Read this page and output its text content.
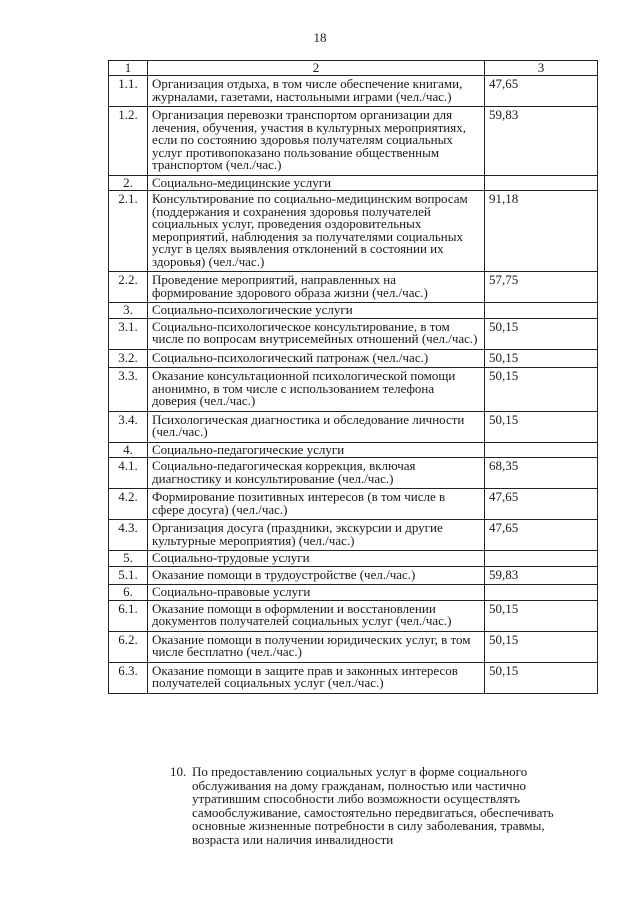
18
1	2	3
1.1.	Организация отдыха, в том числе обеспечение книгами, журналами, газетами, настольными играми (чел./час.)	47,65
1.2.	Организация перевозки транспортом организации для лечения, обучения, участия в культурных мероприятиях, если по состоянию здоровья получателям социальных услуг противопоказано пользование общественным транспортом (чел./час.)	59,83
2.	Социально-медицинские услуги	
2.1.	Консультирование по социально-медицинским вопросам (поддержания и сохранения здоровья получателей социальных услуг, проведения оздоровительных мероприятий, наблюдения за получателями социальных услуг в целях выявления отклонений в состоянии их здоровья) (чел./час.)	91,18
2.2.	Проведение мероприятий, направленных на формирование здорового образа жизни (чел./час.)	57,75
3.	Социально-психологические услуги	
3.1.	Социально-психологическое консультирование, в том числе по вопросам внутрисемейных отношений (чел./час.)	50,15
3.2.	Социально-психологический патронаж (чел./час.)	50,15
3.3.	Оказание консультационной психологической помощи анонимно, в том числе с использованием телефона доверия (чел./час.)	50,15
3.4.	Психологическая диагностика и обследование личности (чел./час.)	50,15
4.	Социально-педагогические услуги	
4.1.	Социально-педагогическая коррекция, включая диагностику и консультирование (чел./час.)	68,35
4.2.	Формирование позитивных интересов (в том числе в сфере досуга) (чел./час.)	47,65
4.3.	Организация досуга (праздники, экскурсии и другие культурные мероприятия) (чел./час.)	47,65
5.	Социально-трудовые услуги	
5.1.	Оказание помощи в трудоустройстве (чел./час.)	59,83
6.	Социально-правовые услуги	
6.1.	Оказание помощи в оформлении и восстановлении документов получателей социальных услуг (чел./час.)	50,15
6.2.	Оказание помощи в получении юридических услуг, в том числе бесплатно (чел./час.)	50,15
6.3.	Оказание помощи в защите прав и законных интересов получателей социальных услуг (чел./час.)	50,15
10. По предоставлению социальных услуг в форме социального обслуживания на дому гражданам, полностью или частично утратившим способности либо возможности осуществлять самообслуживание, самостоятельно передвигаться, обеспечивать основные жизненные потребности в силу заболевания, травмы, возраста или наличия инвалидности
